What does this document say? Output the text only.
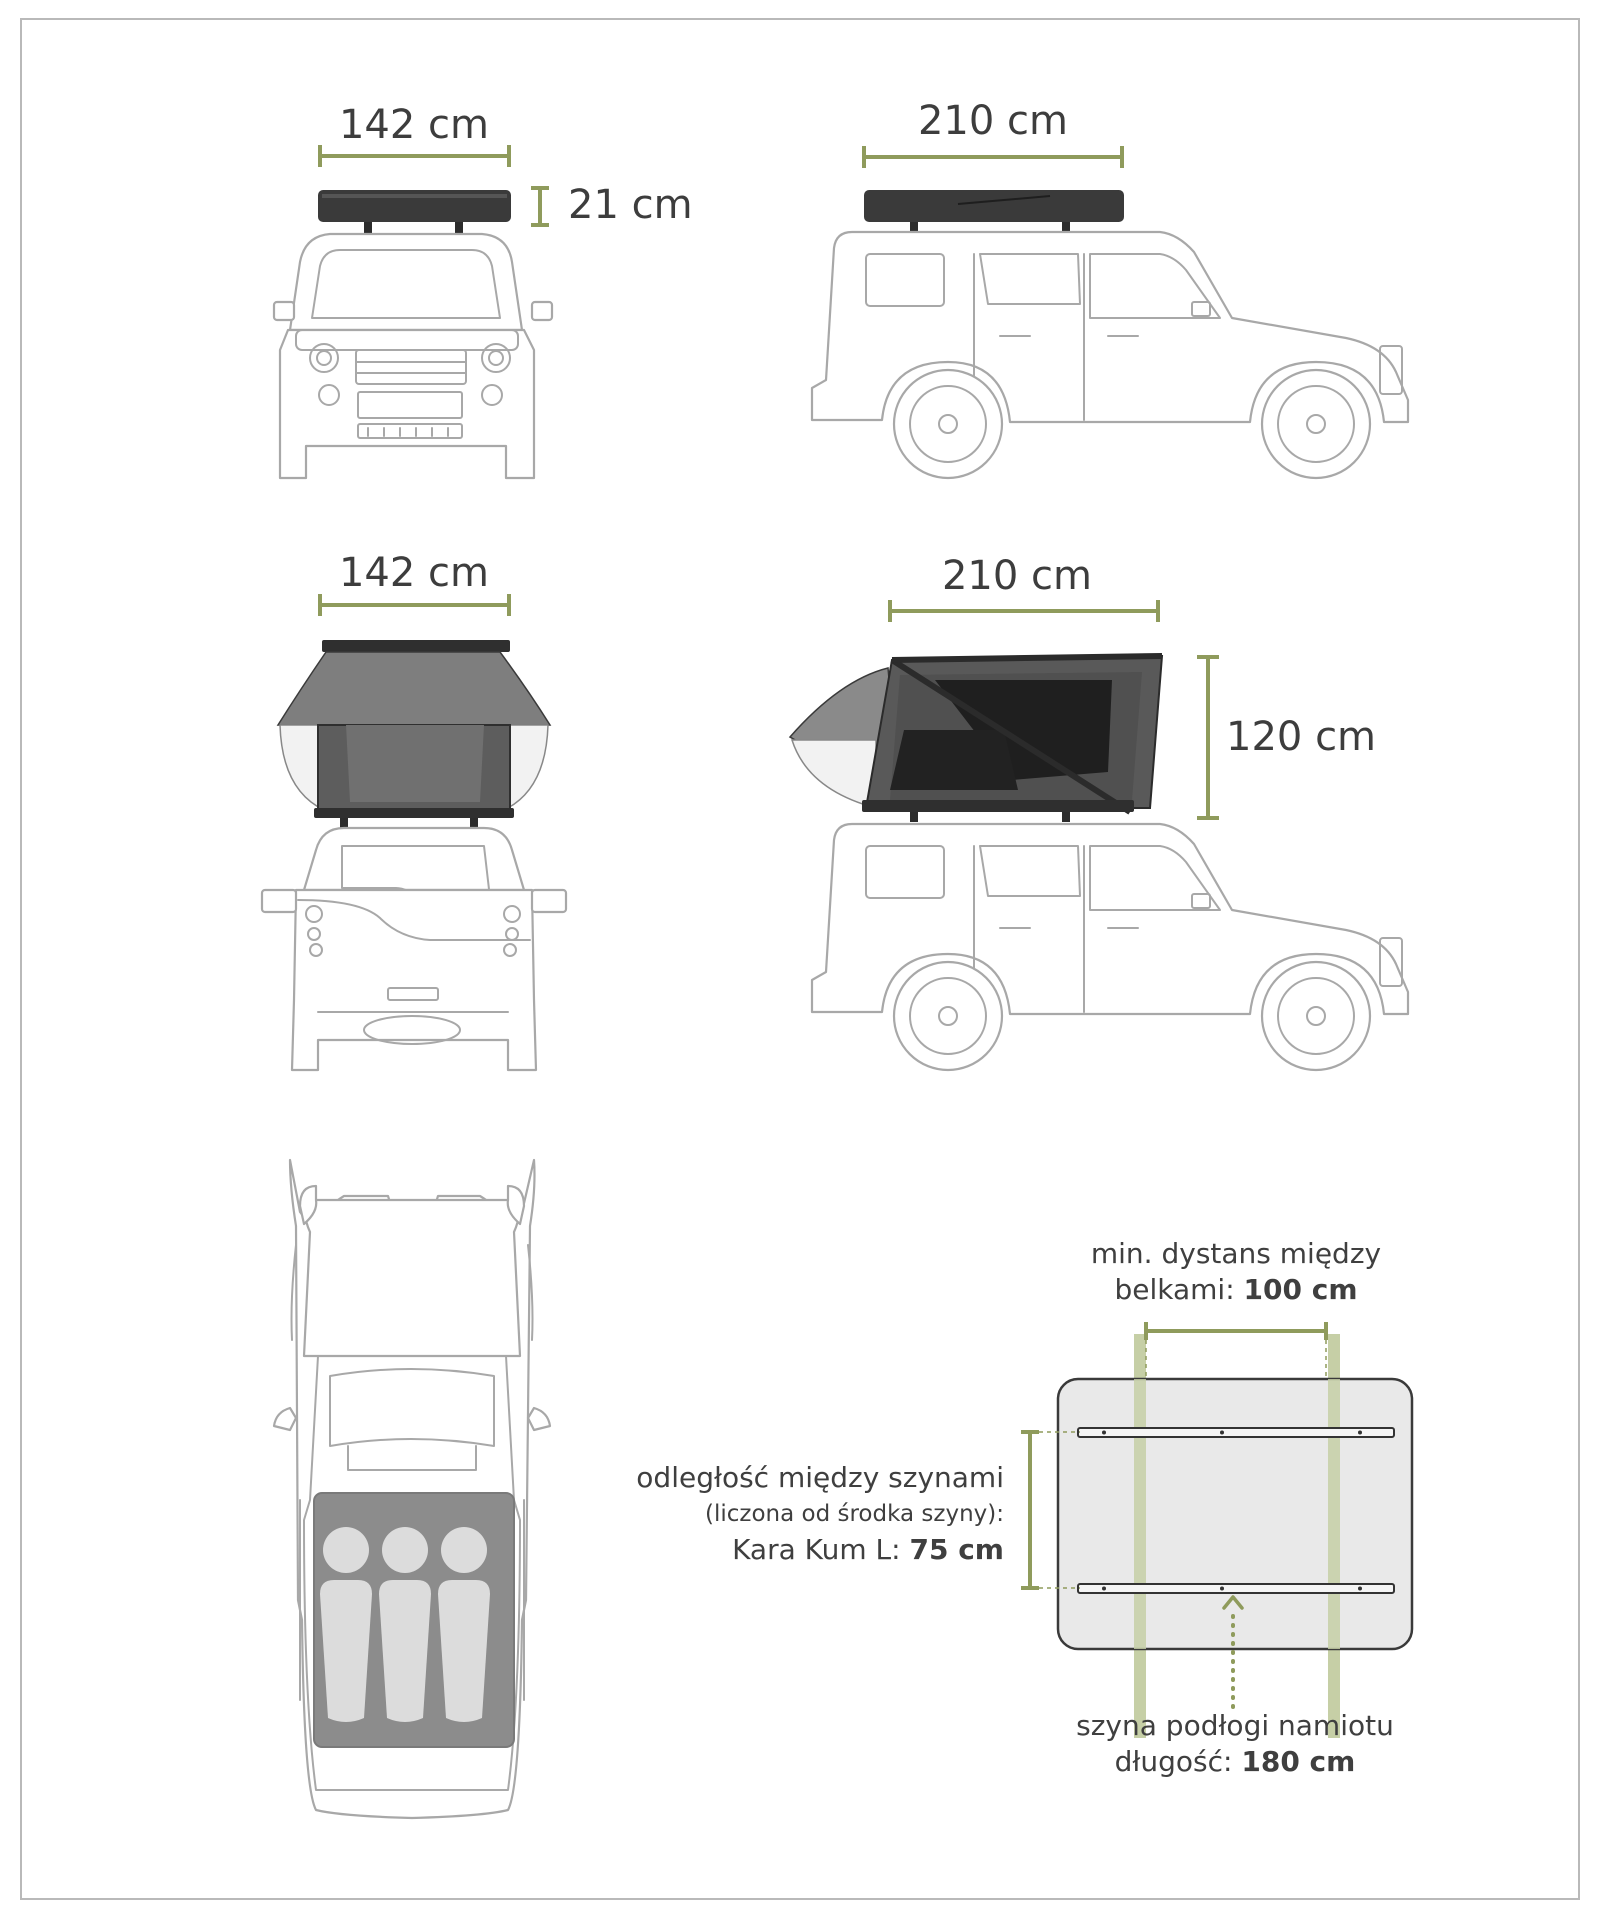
142 cm
21 cm
210 cm
142 cm	210 cm
120 cm
min. dystans między
belkami: 100 cm
odległość między szynami
(liczona od środka szyny):
Kara Kum L: 75 cm
szyna podłogi namiotu
długość: 180 cm
